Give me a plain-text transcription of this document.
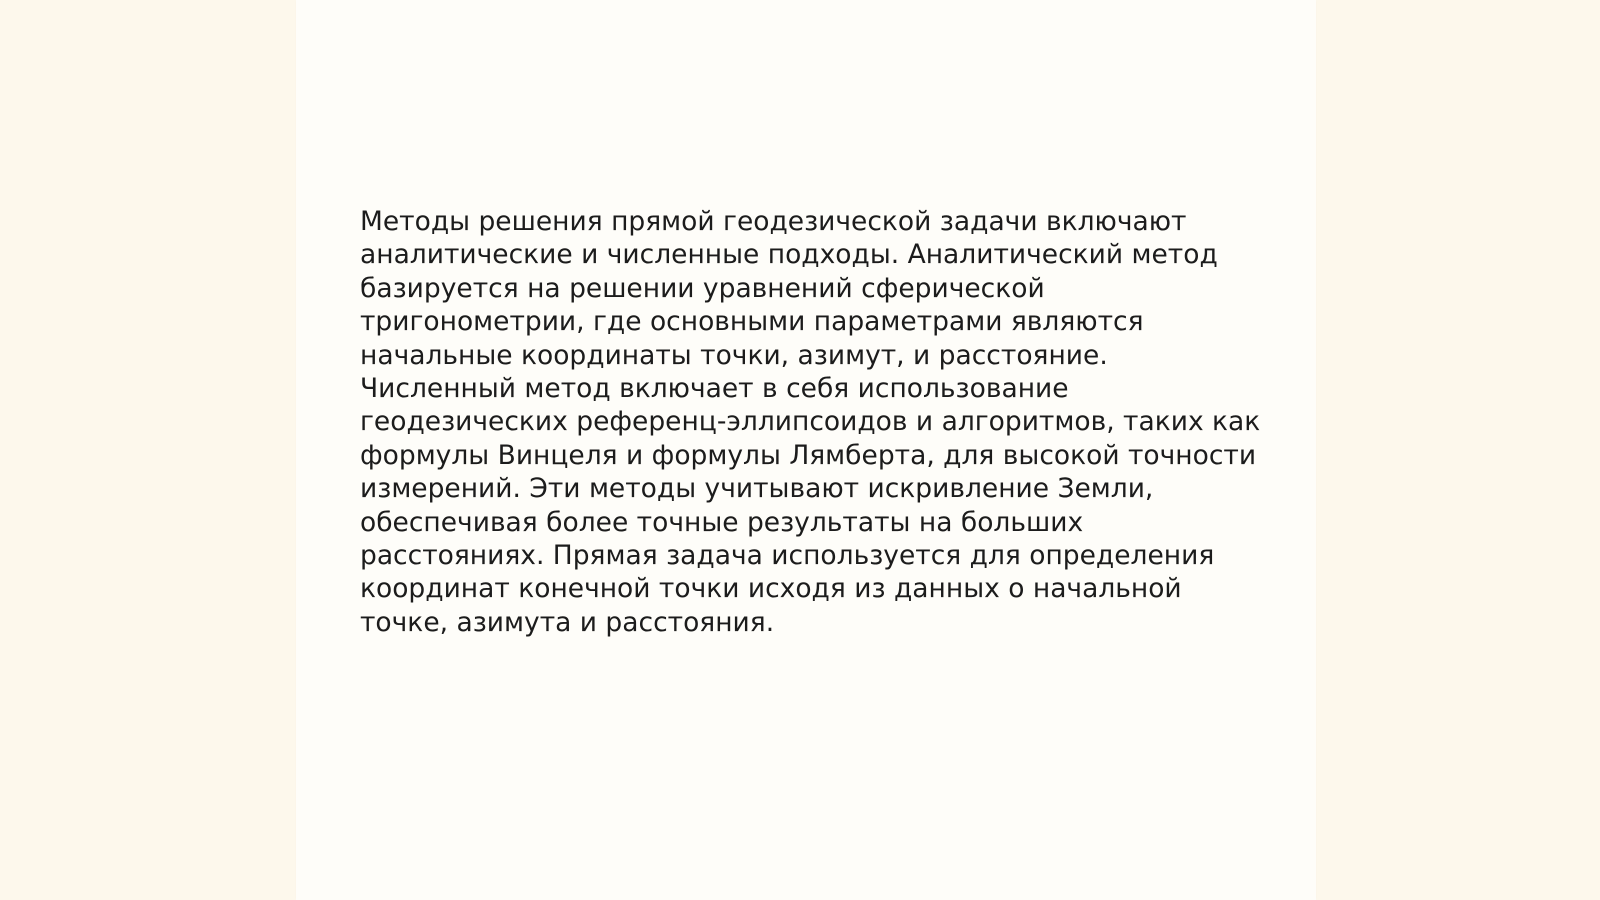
Методы решения прямой геодезической задачи включают
аналитические и численные подходы. Аналитический метод
базируется на решении уравнений сферической
тригонометрии, где основными параметрами являются
начальные координаты точки, азимут, и расстояние.
Численный метод включает в себя использование
геодезических референц-эллипсоидов и алгоритмов, таких как
формулы Винцеля и формулы Лямберта, для высокой точности
измерений. Эти методы учитывают искривление Земли,
обеспечивая более точные результаты на больших
расстояниях. Прямая задача используется для определения
координат конечной точки исходя из данных о начальной
точке, азимута и расстояния.
